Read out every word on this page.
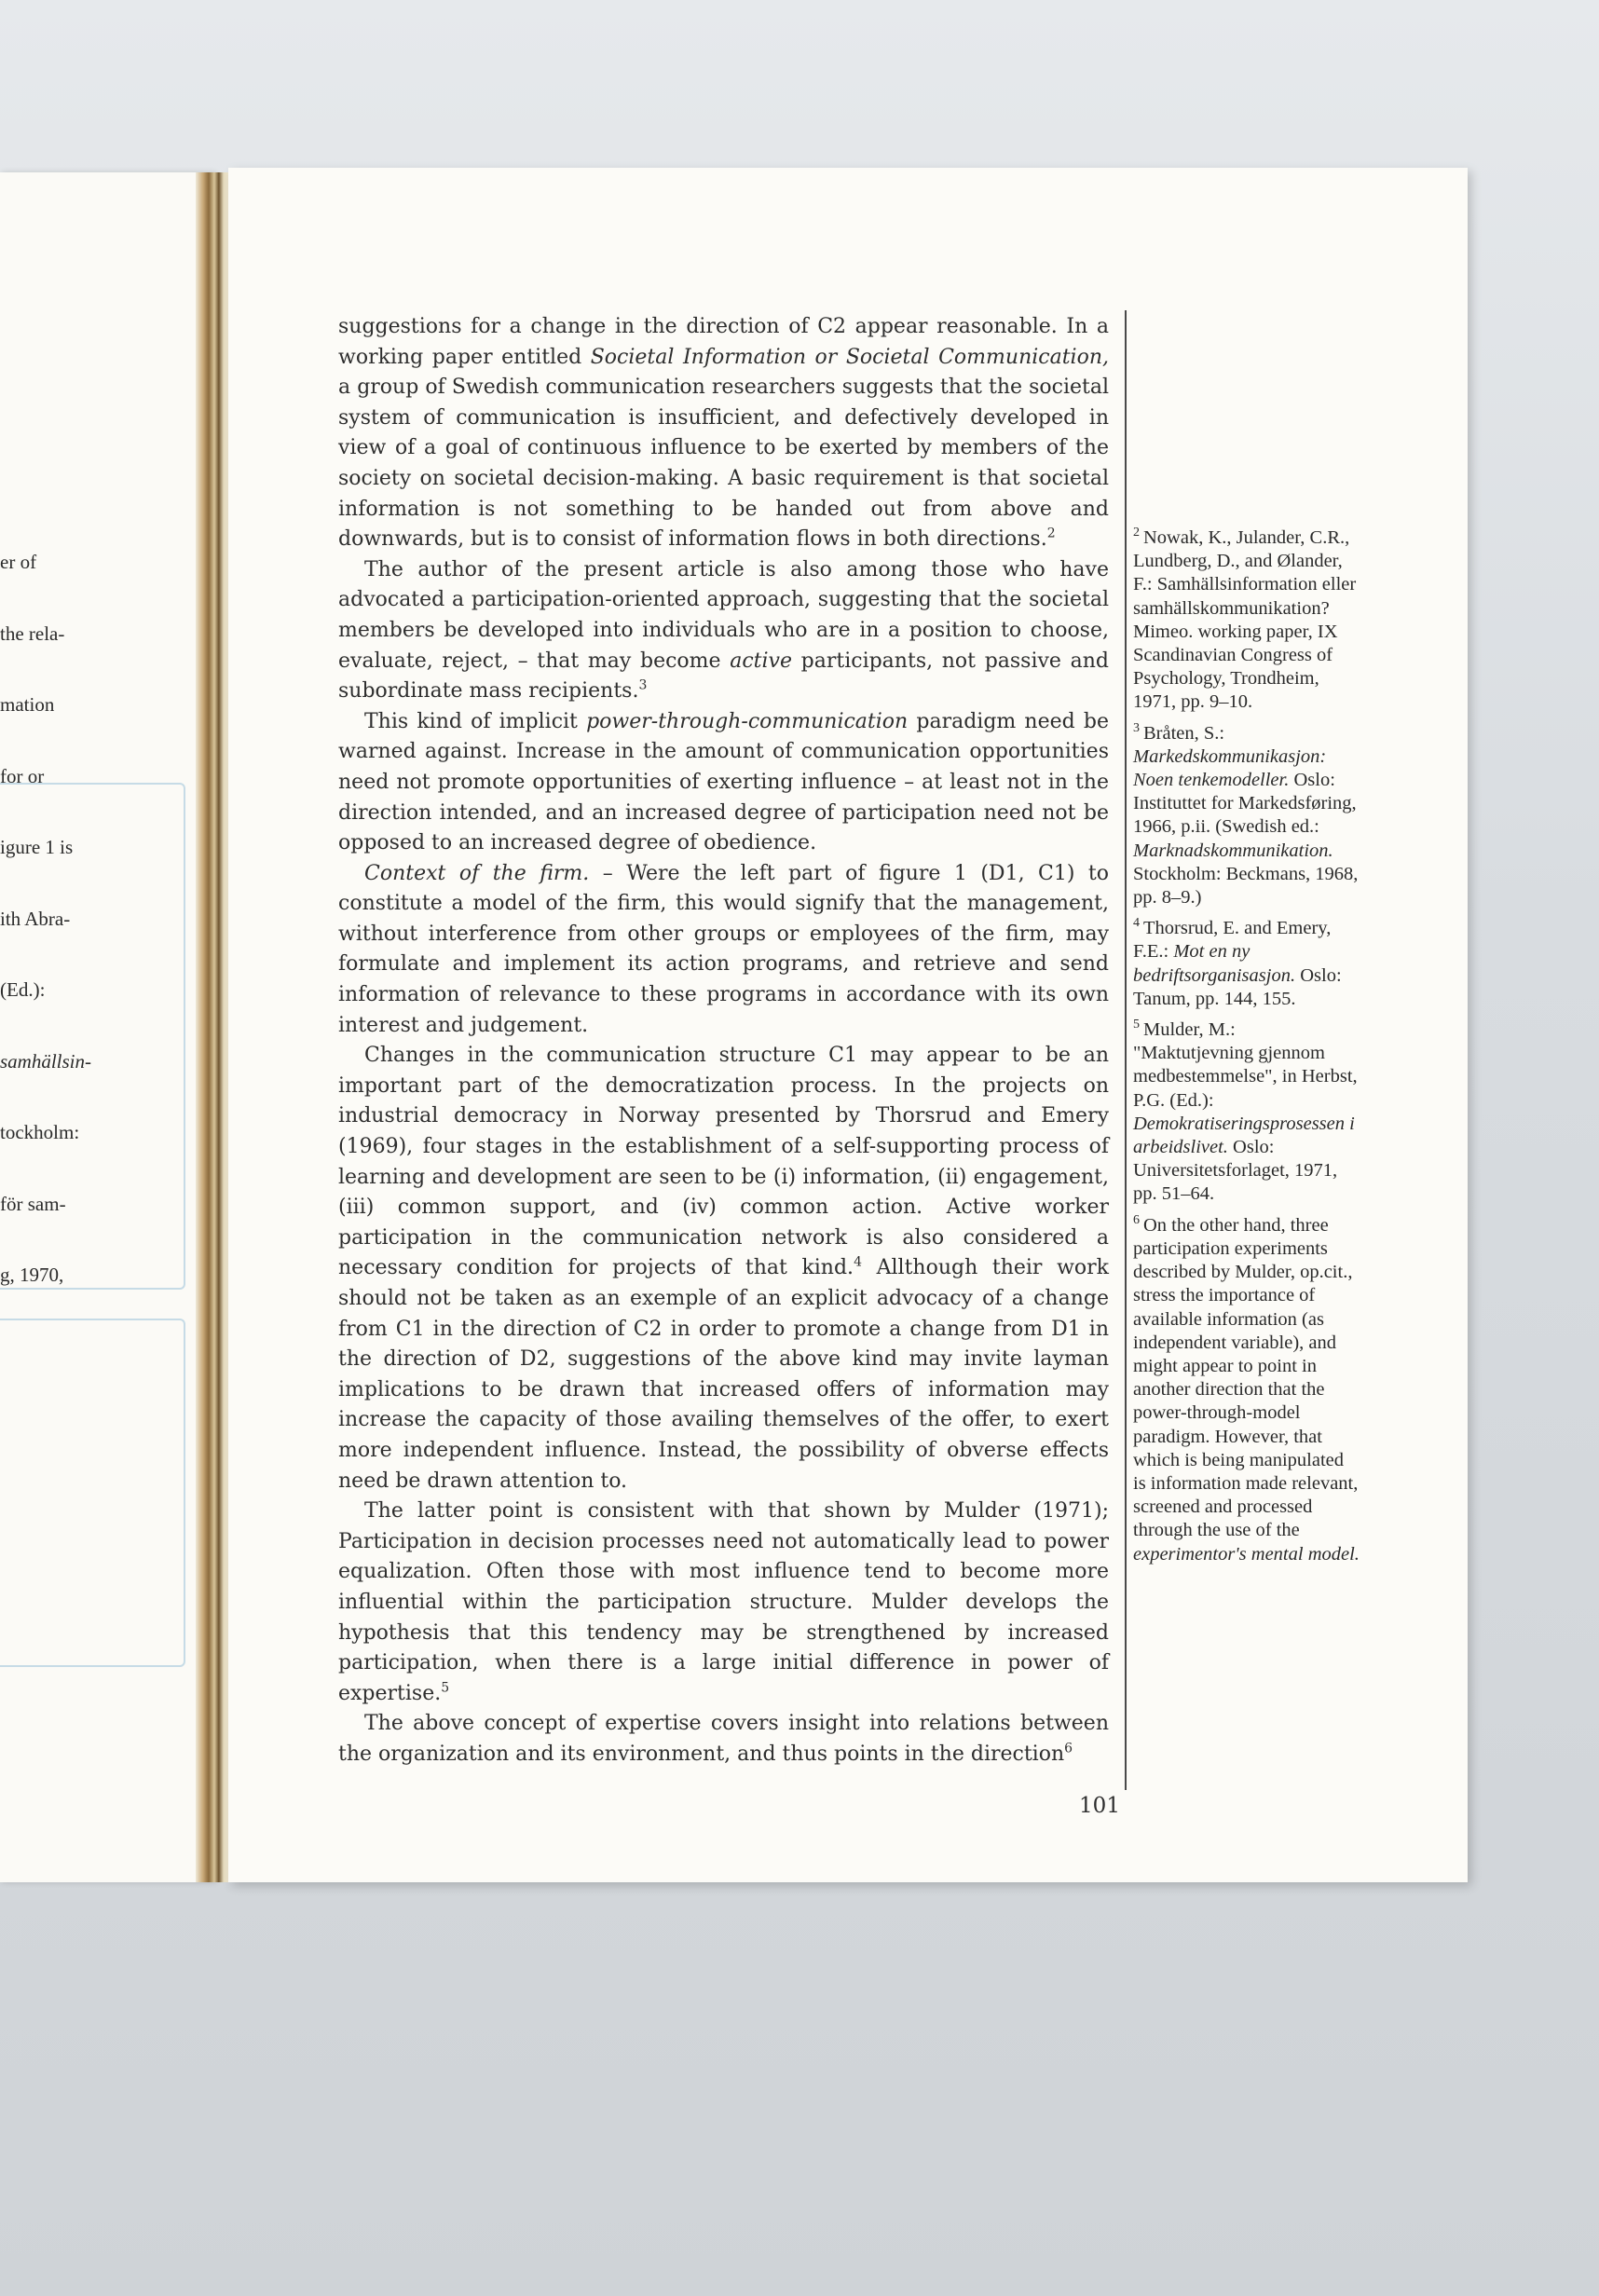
er of

the rela-

mation

for or

igure 1 is

ith Abra-

(Ed.):

samhällsin-

tockholm:

för sam-

g, 1970,

suggestions for a change in the direction of C2 appear reasonable. In a working paper entitled Societal Information or Societal Communication, a group of Swedish communication researchers suggests that the societal system of communication is insufficient, and defectively developed in view of a goal of continuous influence to be exerted by members of the society on societal decision-making. A basic requirement is that societal information is not something to be handed out from above and downwards, but is to consist of information flows in both directions.$^2$

The author of the present article is also among those who have advocated a participation-oriented approach, suggesting that the societal members be developed into individuals who are in a position to choose, evaluate, reject, – that may become active participants, not passive and subordinate mass recipients.$^3$

This kind of implicit power-through-communication paradigm need be warned against. Increase in the amount of communication opportunities need not promote opportunities of exerting influence – at least not in the direction intended, and an increased degree of participation need not be opposed to an increased degree of obedience.

Context of the firm. – Were the left part of figure 1 (D1, C1) to constitute a model of the firm, this would signify that the management, without interference from other groups or employees of the firm, may formulate and implement its action programs, and retrieve and send information of relevance to these programs in accordance with its own interest and judgement.

Changes in the communication structure C1 may appear to be an important part of the democratization process. In the projects on industrial democracy in Norway presented by Thorsrud and Emery (1969), four stages in the establishment of a self-supporting process of learning and development are seen to be (i) information, (ii) engagement, (iii) common support, and (iv) common action. Active worker participation in the communication network is also considered a necessary condition for projects of that kind.$^4$ Allthough their work should not be taken as an exemple of an explicit advocacy of a change from C1 in the direction of C2 in order to promote a change from D1 in the direction of D2, suggestions of the above kind may invite layman implications to be drawn that increased offers of information may increase the capacity of those availing themselves of the offer, to exert more independent influence. Instead, the possibility of obverse effects need be drawn attention to.

The latter point is consistent with that shown by Mulder (1971); Participation in decision processes need not automatically lead to power equalization. Often those with most influence tend to become more influential within the participation structure. Mulder develops the hypothesis that this tendency may be strengthened by increased participation, when there is a large initial difference in power of expertise.$^5$

The above concept of expertise covers insight into relations between the organization and its environment, and thus points in the direction$^6$

$^2$ Nowak, K., Julander, C.R., Lundberg, D., and Ølander, F.: Samhällsinformation eller samhällskommunikation? Mimeo. working paper, IX Scandinavian Congress of Psychology, Trondheim, 1971, pp. 9–10.
$^3$ Bråten, S.: Markedskommunikasjon: Noen tenkemodeller. Oslo: Instituttet for Markedsføring, 1966, p.ii. (Swedish ed.: Marknadskommunikation. Stockholm: Beckmans, 1968, pp. 8–9.)
$^4$ Thorsrud, E. and Emery, F.E.: Mot en ny bedriftsorganisasjon. Oslo: Tanum, pp. 144, 155.
$^5$ Mulder, M.: "Maktutjevning gjennom medbestemmelse", in Herbst, P.G. (Ed.): Demokratiseringsprosessen i arbeidslivet. Oslo: Universitetsforlaget, 1971, pp. 51–64.
$^6$ On the other hand, three participation experiments described by Mulder, op.cit., stress the importance of available information (as independent variable), and might appear to point in another direction that the power-through-model paradigm. However, that which is being manipulated is information made relevant, screened and processed through the use of the experimentor's mental model.
101
